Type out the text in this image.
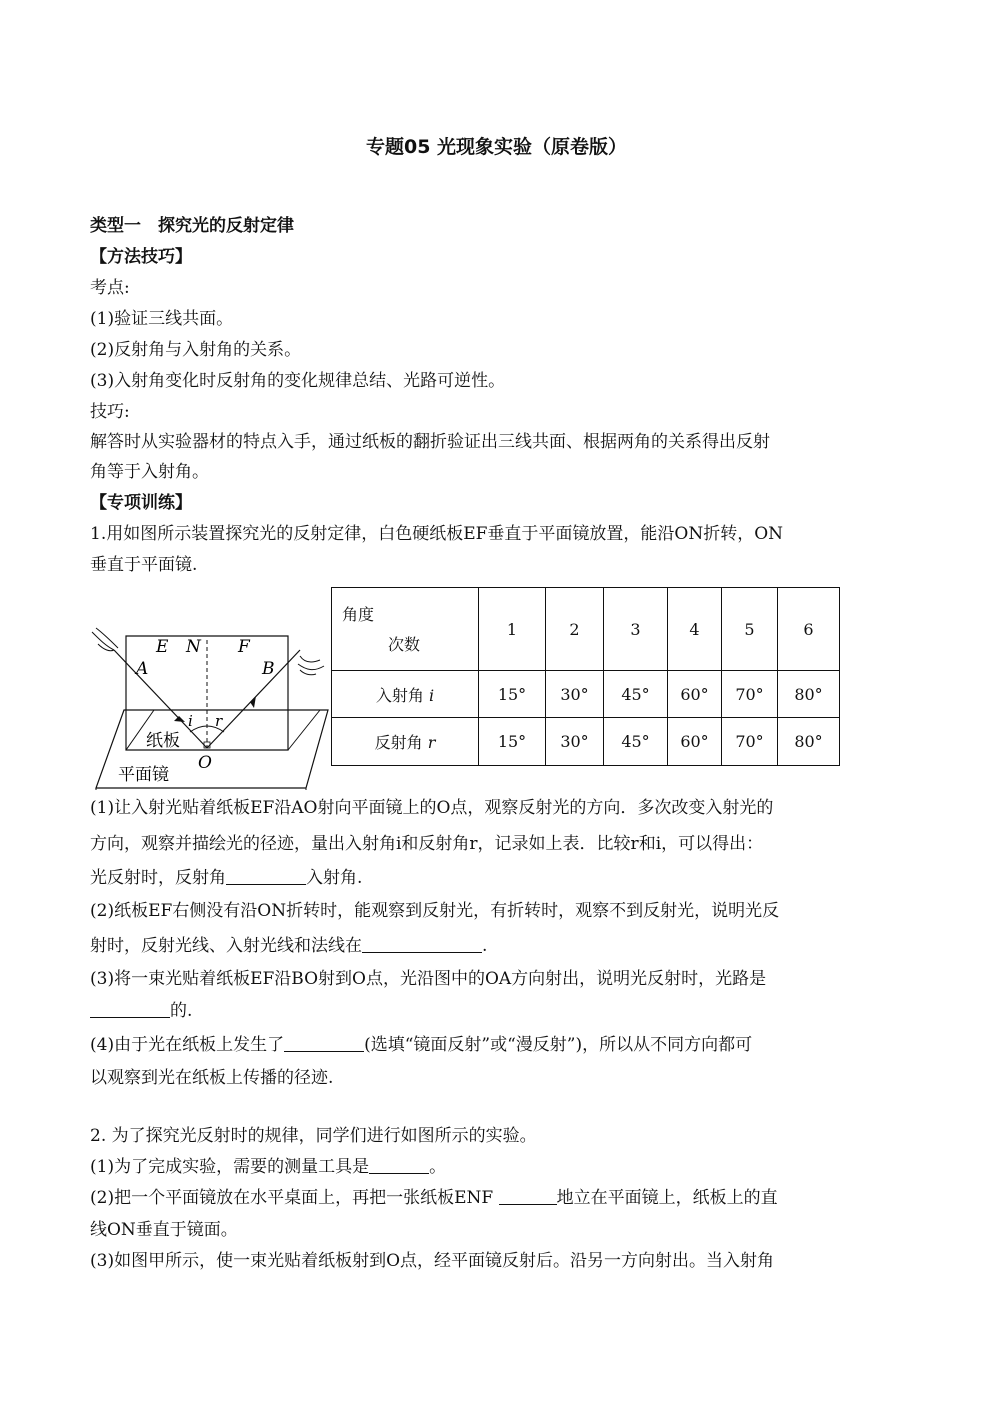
专题05 光现象实验（原卷版）
类型一　探究光的反射定律
【方法技巧】
考点:
(1)验证三线共面。
(2)反射角与入射角的关系。
(3)入射角变化时反射角的变化规律总结、光路可逆性。
技巧:
解答时从实验器材的特点入手，通过纸板的翻折验证出三线共面、根据两角的关系得出反射
角等于入射角。
【专项训练】
1.用如图所示装置探究光的反射定律，白色硬纸板EF垂直于平面镜放置，能沿ON折转，ON
垂直于平面镜.
E N F
A	B
i r
O
纸板
平面镜
角度
次数	1	2	3	4	5	6
入射角 i	15°	30°	45°	60°	70°	80°
反射角 r	15°	30°	45°	60°	70°	80°
(1)让入射光贴着纸板EF沿AO射向平面镜上的O点，观察反射光的方向．多次改变入射光的
方向，观察并描绘光的径迹，量出入射角i和反射角r，记录如上表．比较r和i，可以得出：
光反射时，反射角	入射角.
(2)纸板EF右侧没有沿ON折转时，能观察到反射光，有折转时，观察不到反射光，说明光反
射时，反射光线、入射光线和法线在	.
(3)将一束光贴着纸板EF沿BO射到O点，光沿图中的OA方向射出，说明光反射时，光路是
的.
(4)由于光在纸板上发生了	(选填“镜面反射”或“漫反射”)，所以从不同方向都可
以观察到光在纸板上传播的径迹.
2. 为了探究光反射时的规律，同学们进行如图所示的实验。
(1)为了完成实验，需要的测量工具是	。
(2)把一个平面镜放在水平桌面上，再把一张纸板ENF	地立在平面镜上，纸板上的直
线ON垂直于镜面。
(3)如图甲所示，使一束光贴着纸板射到O点，经平面镜反射后。沿另一方向射出。当入射角
